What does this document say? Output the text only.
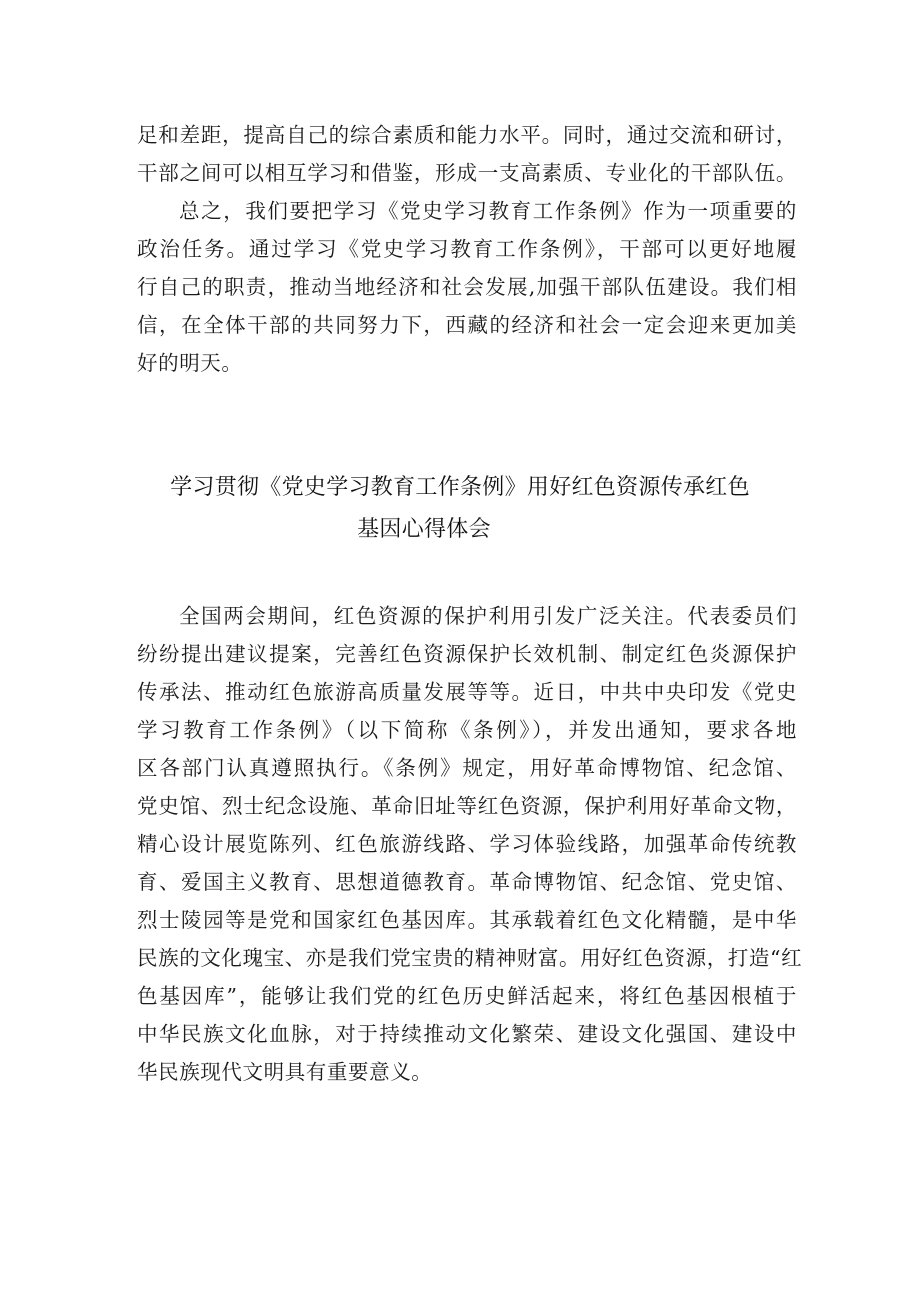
足和差距，提高自己的综合素质和能力水平。同时，通过交流和研讨，
干部之间可以相互学习和借鉴，形成一支高素质、专业化的干部队伍。
总之，我们要把学习《党史学习教育工作条例》作为一项重要的
政治任务。通过学习《党史学习教育工作条例》，干部可以更好地履
行自己的职责，推动当地经济和社会发展,加强干部队伍建设。我们相
信，在全体干部的共同努力下，西藏的经济和社会一定会迎来更加美
好的明天。
学习贯彻《党史学习教育工作条例》用好红色资源传承红色
基因心得体会
全国两会期间，红色资源的保护利用引发广泛关注。代表委员们
纷纷提出建议提案，完善红色资源保护长效机制、制定红色炎源保护
传承法、推动红色旅游高质量发展等等。近日，中共中央印发《党史
学习教育工作条例》（以下简称《条例》），并发出通知，要求各地
区各部门认真遵照执行。《条例》规定，用好革命博物馆、纪念馆、
党史馆、烈士纪念设施、革命旧址等红色资源，保护利用好革命文物，
精心设计展览陈列、红色旅游线路、学习体验线路，加强革命传统教
育、爱国主义教育、思想道德教育。革命博物馆、纪念馆、党史馆、
烈士陵园等是党和国家红色基因库。其承载着红色文化精髓，是中华
民族的文化瑰宝、亦是我们党宝贵的精神财富。用好红色资源，打造“红
色基因库”，能够让我们党的红色历史鲜活起来，将红色基因根植于
中华民族文化血脉，对于持续推动文化繁荣、建设文化强国、建设中
华民族现代文明具有重要意义。
